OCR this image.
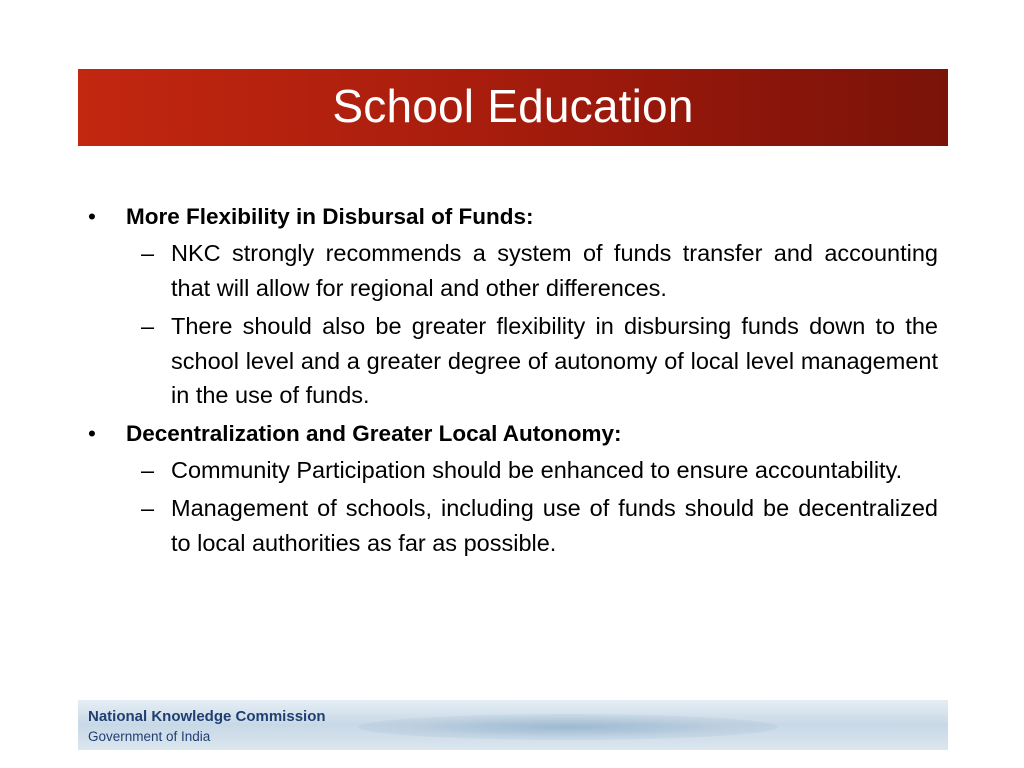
School Education
• More Flexibility in Disbursal of Funds:
– NKC strongly recommends a system of funds transfer and accounting that will allow for regional and other differences.
– There should also be greater flexibility in disbursing funds down to the school level and a greater degree of autonomy of local level management in the use of funds.
• Decentralization and Greater Local Autonomy:
– Community Participation should be enhanced to ensure accountability.
– Management of schools, including use of funds should be decentralized to local authorities as far as possible.
National Knowledge Commission
Government of India
